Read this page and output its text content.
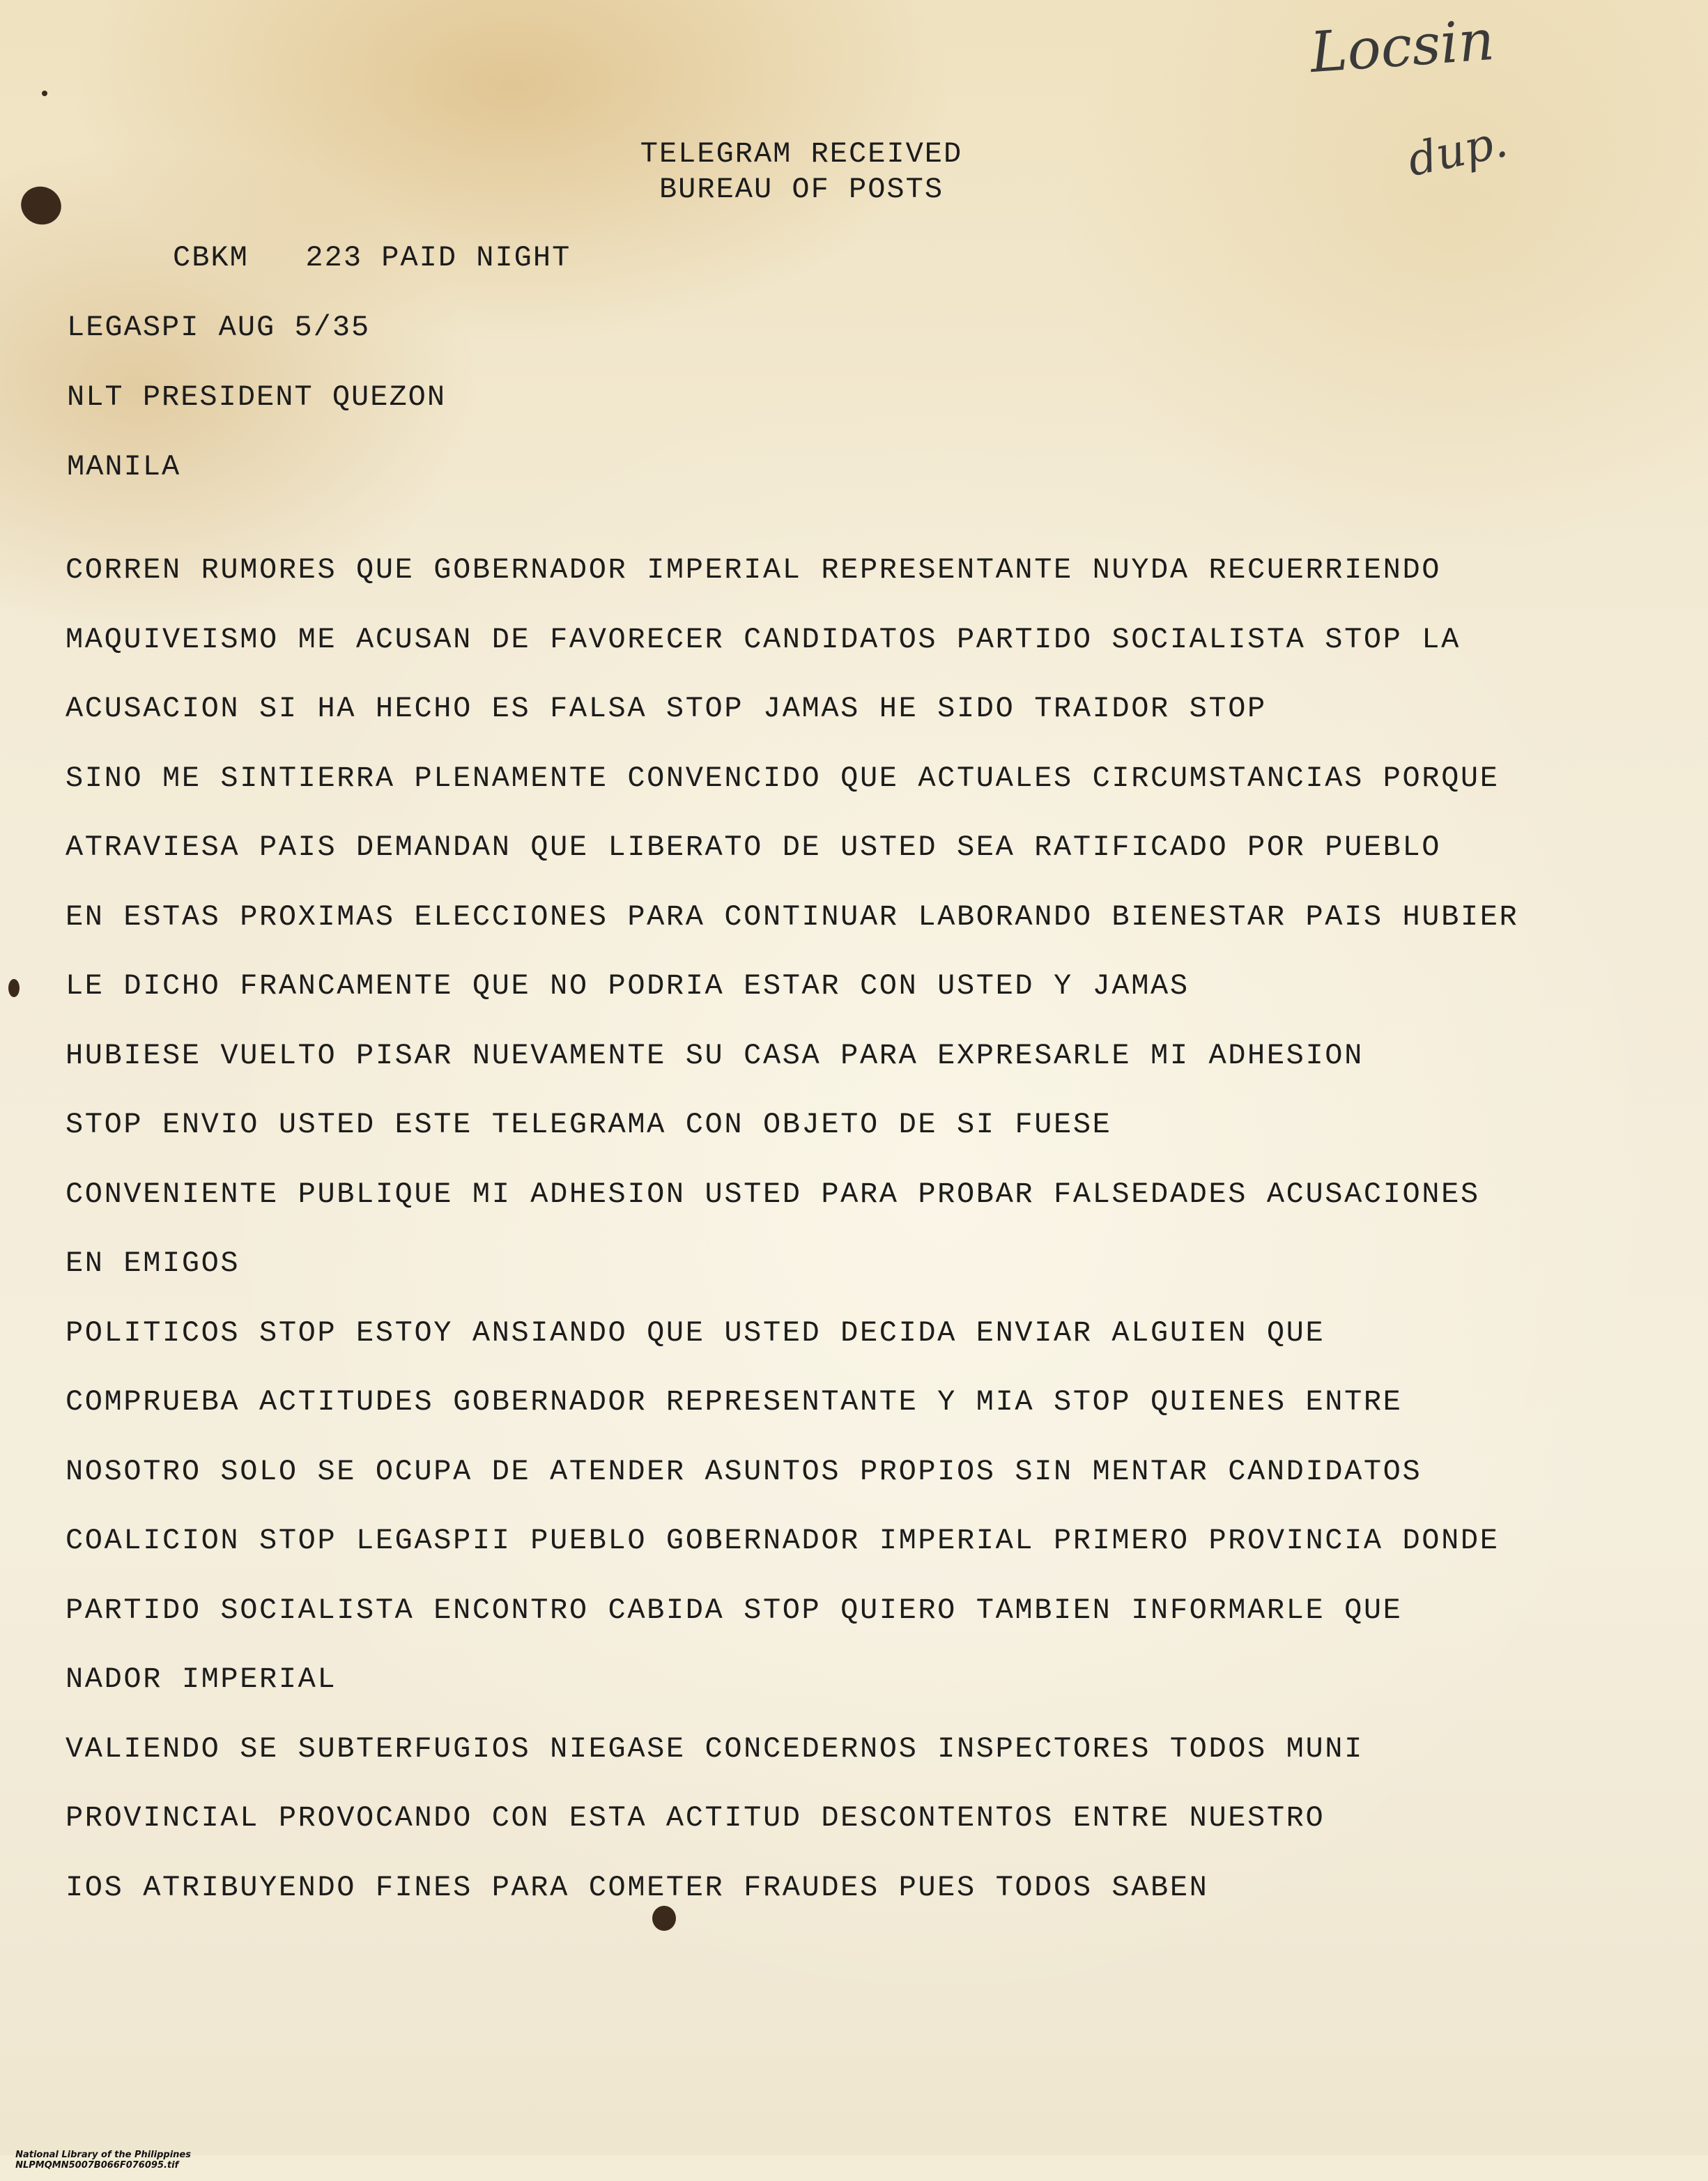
Locsin
dup.
TELEGRAM RECEIVED
BUREAU OF POSTS
CBKM   223 PAID NIGHT
LEGASPI AUG 5/35
NLT PRESIDENT QUEZON
MANILA
CORREN RUMORES QUE GOBERNADOR IMPERIAL REPRESENTANTE NUYDA RECUERRIENDO
MAQUIVEISMO ME ACUSAN DE FAVORECER CANDIDATOS PARTIDO SOCIALISTA STOP LA
ACUSACION SI HA HECHO ES FALSA STOP JAMAS HE SIDO TRAIDOR STOP
SINO ME SINTIERRA PLENAMENTE CONVENCIDO QUE ACTUALES CIRCUMSTANCIAS PORQUE
ATRAVIESA PAIS DEMANDAN QUE LIBERATO DE USTED SEA RATIFICADO POR PUEBLO
EN ESTAS PROXIMAS ELECCIONES PARA CONTINUAR LABORANDO BIENESTAR PAIS HUBIER
LE DICHO FRANCAMENTE QUE NO PODRIA ESTAR CON USTED Y JAMAS
HUBIESE VUELTO PISAR NUEVAMENTE SU CASA PARA EXPRESARLE MI ADHESION
STOP ENVIO USTED ESTE TELEGRAMA CON OBJETO DE SI FUESE
CONVENIENTE PUBLIQUE MI ADHESION USTED PARA PROBAR FALSEDADES ACUSACIONES
EN EMIGOS
POLITICOS STOP ESTOY ANSIANDO QUE USTED DECIDA ENVIAR ALGUIEN QUE
COMPRUEBA ACTITUDES GOBERNADOR REPRESENTANTE Y MIA STOP QUIENES ENTRE
NOSOTRO SOLO SE OCUPA DE ATENDER ASUNTOS PROPIOS SIN MENTAR CANDIDATOS
COALICION STOP LEGASPII PUEBLO GOBERNADOR IMPERIAL PRIMERO PROVINCIA DONDE
PARTIDO SOCIALISTA ENCONTRO CABIDA STOP QUIERO TAMBIEN INFORMARLE QUE
NADOR IMPERIAL
VALIENDO SE SUBTERFUGIOS NIEGASE CONCEDERNOS INSPECTORES TODOS MUNI
PROVINCIAL PROVOCANDO CON ESTA ACTITUD DESCONTENTOS ENTRE NUESTRO
IOS ATRIBUYENDO FINES PARA COMETER FRAUDES PUES TODOS SABEN

National Library of the Philippines
NLPMQMN5007B066F076095.tif
